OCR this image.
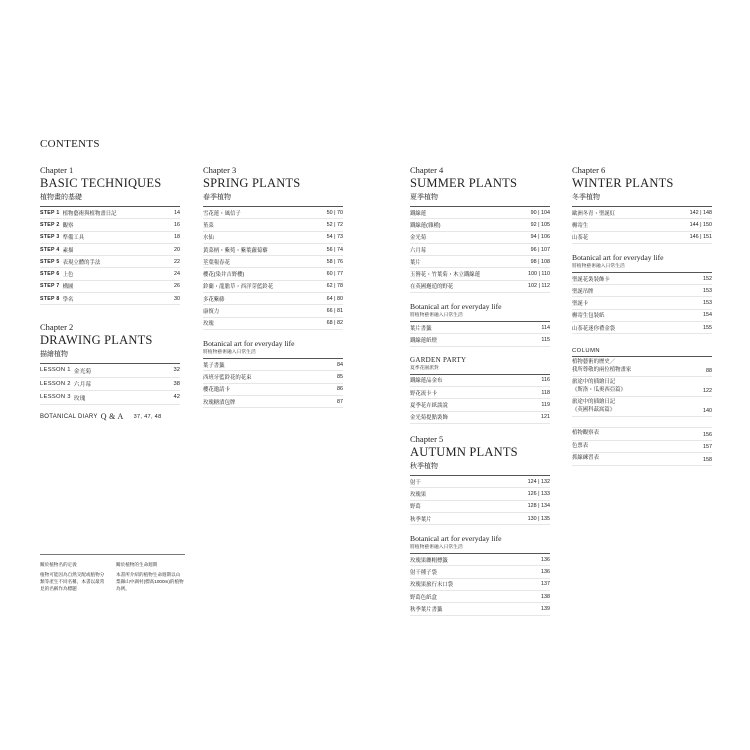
CONTENTS
Chapter 1
BASIC TECHNIQUES
植物畫的基礎
STEP 1 植物藝術與植物畫日記	14
STEP 2 觀察	16
STEP 3 準備工具	18
STEP 4 素描	20
STEP 5 表現立體的手法	22
STEP 6 上色	24
STEP 7 構圖	26
STEP 8 學名	30
Chapter 2
DRAWING PLANTS
描繪植物
LESSON 1 金光菊	32
LESSON 2 六月莓	38
LESSON 3 玫瑰	42
BOTANICAL DIARY Q & A 37, 47, 48
Chapter 3
SPRING PLANTS
春季植物
雪花蓮・風信子	50 | 70
堇菜	52 | 72
水仙	54 | 73
黃菜柄・紫菀・紫葉蘿蔔藜	56 | 74
莖葉報春花	58 | 76
櫻花(染井吉野櫻)	60 | 77
鈴蘭・龍膽草・西洋芽藍鈴花	62 | 78
多花紫藤	64 | 80
康復力	66 | 81
玫瑰	68 | 82
Botanical art for everyday life
將植物藝術融入日常生活
葉子書籤	84
西班牙藍鈴花的花束	85
櫻花邀請卡	86
玫瑰糖漬包牌	87
Chapter 4
SUMMER PLANTS
夏季植物
鐵線蓮	90 | 104
鐵線蓮(雜種)	92 | 105
金光菊	94 | 106
六月莓	96 | 107
葉片	98 | 108
玉簪花・竹葉菊・木立鐵線蓮	100 | 110
在英國邂逅的野花	102 | 112
Botanical art for everyday life
將植物藝術融入日常生活
葉片書籤	114
鐵線蓮紙燈	115
GARDEN PARTY
夏季花園派對
鐵線蓮品金布	116
野花流卡卡	118
夏季花卉紙談說	119
金光菊提點裝飾	121
Chapter 5
AUTUMN PLANTS
秋季植物
射干	124 | 132
玫瑰果	126 | 133
野葛	128 | 134
秋季葉片	130 | 135
Botanical art for everyday life
將植物藝術融入日常生活
玫瑰果纏帽標籤	136
射干種子袋	136
玫瑰果旅行末口袋	137
野葛色紙盒	138
秋季葉片書籤	139
Chapter 6
WINTER PLANTS
冬季植物
歐洲冬青・聖誕紅	142 | 148
槲寄生	144 | 150
山茶花	146 | 151
Botanical art for everyday life
將植物藝術融入日常生活
聖誕花裝裝飾卡	152
聖誕吊牌	153
聖誕卡	153
槲寄生包裝紙	154
山茶花迷你禮金袋	155
COLUMN
植物藝術的歷史／
我所尊敬的兩位植物畫家	88
旅途中的插繪日記
《斯洛・瓜奧西亞篇》	122
旅途中的插繪日記
《英國科茲窩篇》	140
植物觀察表	156
色票表	157
抓線練習表	158
關於植物名的定義
植物可能因為自然交配或植物分類等產生不同名稱，本書以最常見的名稱作為標題
關於植物的生命週期
本書所介紹的植物生命週期以山梨縣山中湖村(標高1000m)的植物為例。
